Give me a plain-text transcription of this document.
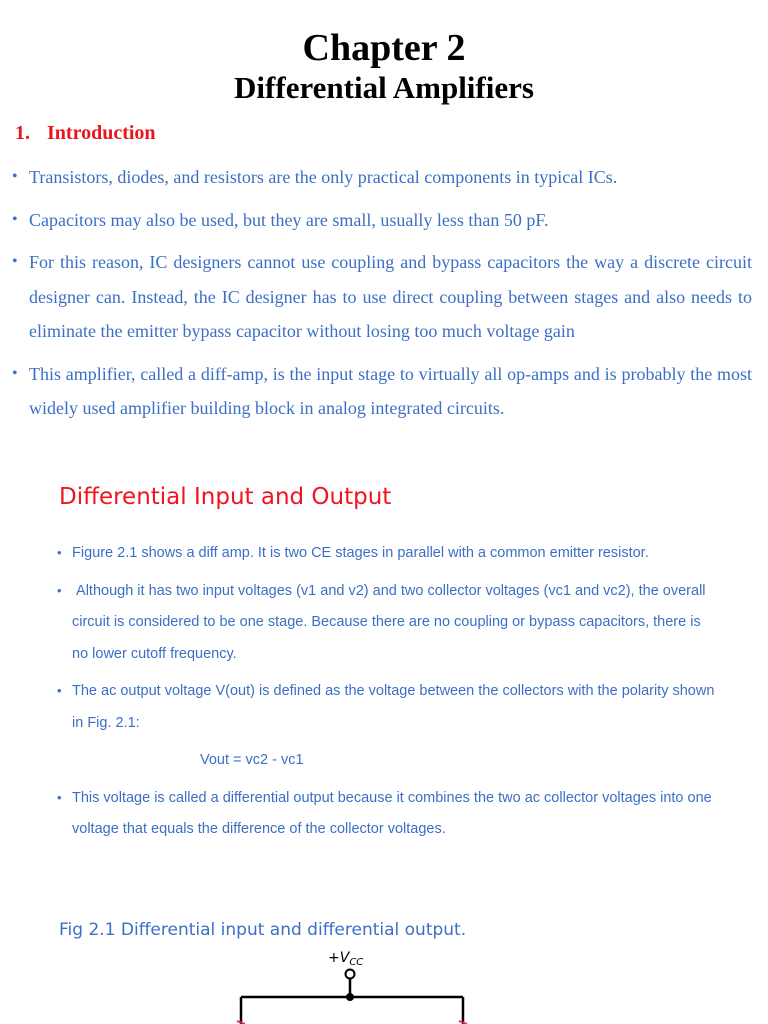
Chapter 2
Differential Amplifiers
1. Introduction
• Transistors, diodes, and resistors are the only practical components in typical ICs.
• Capacitors may also be used, but they are small, usually less than 50 pF.
• For this reason, IC designers cannot use coupling and bypass capacitors the way a discrete circuit designer can. Instead, the IC designer has to use direct coupling between stages and also needs to eliminate the emitter bypass capacitor without losing too much voltage gain
• This amplifier, called a diff-amp, is the input stage to virtually all op-amps and is probably the most widely used amplifier building block in analog integrated circuits.
Differential Input and Output
• Figure 2.1 shows a diff amp. It is two CE stages in parallel with a common emitter resistor.
• Although it has two input voltages (v1 and v2) and two collector voltages (vc1 and vc2), the overall circuit is considered to be one stage. Because there are no coupling or bypass capacitors, there is no lower cutoff frequency.
• The ac output voltage V(out) is defined as the voltage between the collectors with the polarity shown in Fig. 2.1:
Vout = vc2 - vc1
• This voltage is called a differential output because it combines the two ac collector voltages into one voltage that equals the difference of the collector voltages.
Fig 2.1 Differential input and differential output.
$+V_{CC}$
